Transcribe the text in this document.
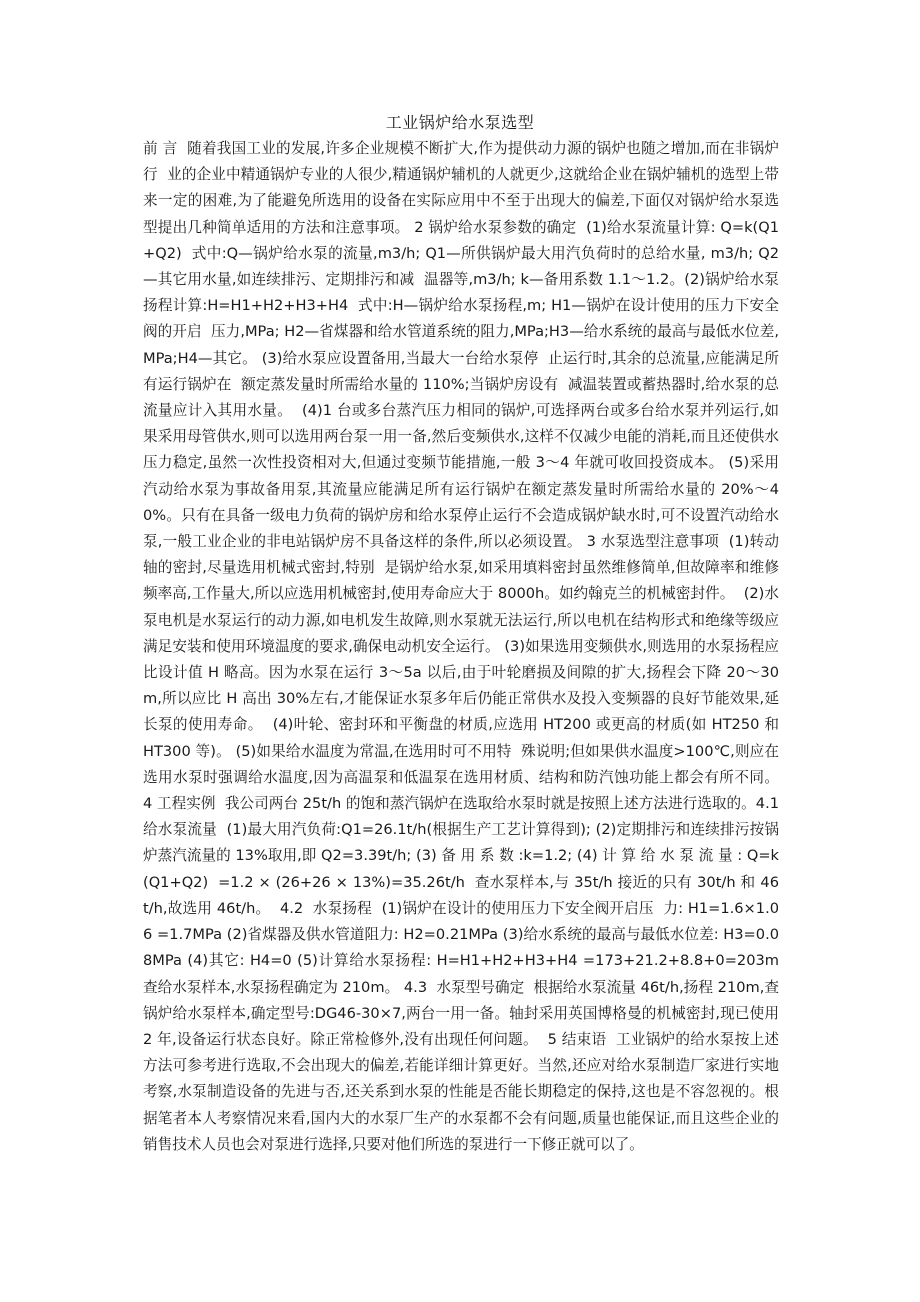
工业锅炉给水泵选型
前 言  随着我国工业的发展,许多企业规模不断扩大,作为提供动力源的锅炉也随之增加,而在非锅炉行  业的企业中精通锅炉专业的人很少,精通锅炉辅机的人就更少,这就给企业在锅炉辅机的选型上带来一定的困难,为了能避免所选用的设备在实际应用中不至于出现大的偏差,下面仅对锅炉给水泵选型提出几种简单适用的方法和注意事项。 2 锅炉给水泵参数的确定  (1)给水泵流量计算: Q=k(Q1+Q2)  式中:Q—锅炉给水泵的流量,m3/h; Q1—所供锅炉最大用汽负荷时的总给水量, m3/h; Q2—其它用水量,如连续排污、定期排污和减  温器等,m3/h; k—备用系数 1.1～1.2。(2)锅炉给水泵扬程计算:H=H1+H2+H3+H4  式中:H—锅炉给水泵扬程,m; H1—锅炉在设计使用的压力下安全阀的开启  压力,MPa; H2—省煤器和给水管道系统的阻力,MPa;H3—给水系统的最高与最低水位差,MPa;H4—其它。 (3)给水泵应设置备用,当最大一台给水泵停  止运行时,其余的总流量,应能满足所有运行锅炉在  额定蒸发量时所需给水量的 110%;当锅炉房设有  减温装置或蓄热器时,给水泵的总流量应计入其用水量。  (4)1 台或多台蒸汽压力相同的锅炉,可选择两台或多台给水泵并列运行,如果采用母管供水,则可以选用两台泵一用一备,然后变频供水,这样不仅减少电能的消耗,而且还使供水压力稳定,虽然一次性投资相对大,但通过变频节能措施,一般 3～4 年就可收回投资成本。 (5)采用汽动给水泵为事故备用泵,其流量应能满足所有运行锅炉在额定蒸发量时所需给水量的 20%～40%。只有在具备一级电力负荷的锅炉房和给水泵停止运行不会造成锅炉缺水时,可不设置汽动给水泵,一般工业企业的非电站锅炉房不具备这样的条件,所以必须设置。 3 水泵选型注意事项  (1)转动轴的密封,尽量选用机械式密封,特别  是锅炉给水泵,如采用填料密封虽然维修简单,但故障率和维修频率高,工作量大,所以应选用机械密封,使用寿命应大于 8000h。如约翰克兰的机械密封件。  (2)水泵电机是水泵运行的动力源,如电机发生故障,则水泵就无法运行,所以电机在结构形式和绝缘等级应满足安装和使用环境温度的要求,确保电动机安全运行。 (3)如果选用变频供水,则选用的水泵扬程应比设计值 H 略高。因为水泵在运行 3～5a 以后,由于叶轮磨损及间隙的扩大,扬程会下降 20～30m,所以应比 H 高出 30%左右,才能保证水泵多年后仍能正常供水及投入变频器的良好节能效果,延长泵的使用寿命。  (4)叶轮、密封环和平衡盘的材质,应选用 HT200 或更高的材质(如 HT250 和 HT300 等)。 (5)如果给水温度为常温,在选用时可不用特  殊说明;但如果供水温度>100℃,则应在选用水泵时强调给水温度,因为高温泵和低温泵在选用材质、结构和防汽蚀功能上都会有所不同。  4 工程实例  我公司两台 25t/h 的饱和蒸汽锅炉在选取给水泵时就是按照上述方法进行选取的。4.1  给水泵流量  (1)最大用汽负荷:Q1=26.1t/h(根据生产工艺计算得到); (2)定期排污和连续排污按锅炉蒸汽流量的 13%取用,即 Q2=3.39t/h; (3) 备 用 系 数 :k=1.2; (4) 计 算 给 水 泵 流 量 : Q=k(Q1+Q2)  =1.2 × (26+26 × 13%)=35.26t/h  查水泵样本,与 35t/h 接近的只有 30t/h 和 46 t/h,故选用 46t/h。  4.2  水泵扬程  (1)锅炉在设计的使用压力下安全阀开启压  力: H1=1.6×1.06 =1.7MPa (2)省煤器及供水管道阻力: H2=0.21MPa (3)给水系统的最高与最低水位差: H3=0.08MPa (4)其它: H4=0 (5)计算给水泵扬程: H=H1+H2+H3+H4 =173+21.2+8.8+0=203m  查给水泵样本,水泵扬程确定为 210m。 4.3  水泵型号确定  根据给水泵流量 46t/h,扬程 210m,查锅炉给水泵样本,确定型号:DG46-30×7,两台一用一备。轴封采用英国博格曼的机械密封,现已使用 2 年,设备运行状态良好。除正常检修外,没有出现任何问题。  5 结束语  工业锅炉的给水泵按上述方法可参考进行选取,不会出现大的偏差,若能详细计算更好。当然,还应对给水泵制造厂家进行实地考察,水泵制造设备的先进与否,还关系到水泵的性能是否能长期稳定的保持,这也是不容忽视的。根据笔者本人考察情况来看,国内大的水泵厂生产的水泵都不会有问题,质量也能保证,而且这些企业的销售技术人员也会对泵进行选择,只要对他们所选的泵进行一下修正就可以了。
